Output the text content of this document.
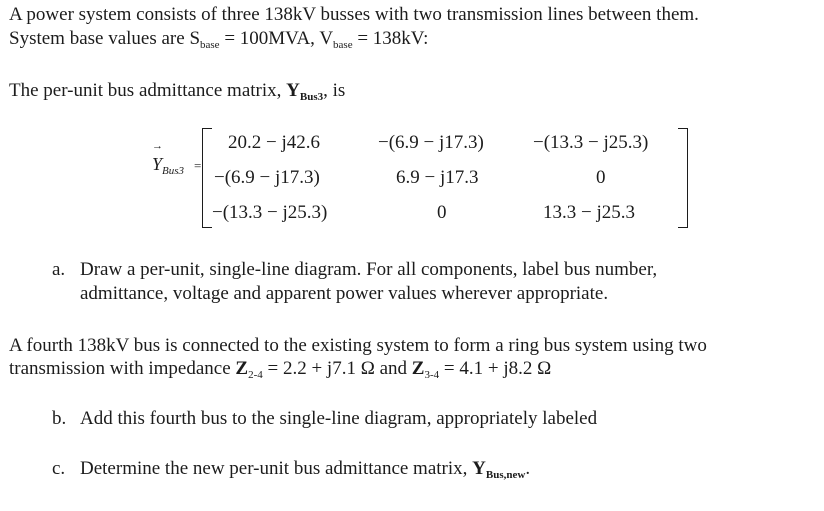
A power system consists of three 138kV busses with two transmission lines between them.
System base values are $S_{base} = 100MVA$, $V_{base} = 138kV$:
The per-unit bus admittance matrix, $Y_{Bus3}$, is
→
$Y_{Bus3}$ =
20.2 − j42.6	−(6.9 − j17.3)	−(13.3 − j25.3)
−(6.9 − j17.3)	6.9 − j17.3	0
−(13.3 − j25.3)	0	13.3 − j25.3
a. Draw a per-unit, single-line diagram. For all components, label bus number,
admittance, voltage and apparent power values wherever appropriate.
A fourth 138kV bus is connected to the existing system to form a ring bus system using two
transmission with impedance $Z_{2-4} = 2.2 + j7.1$ Ω and $Z_{3-4} = 4.1 + j8.2$ Ω
b. Add this fourth bus to the single-line diagram, appropriately labeled
c. Determine the new per-unit bus admittance matrix, $Y_{Bus,new}$.
